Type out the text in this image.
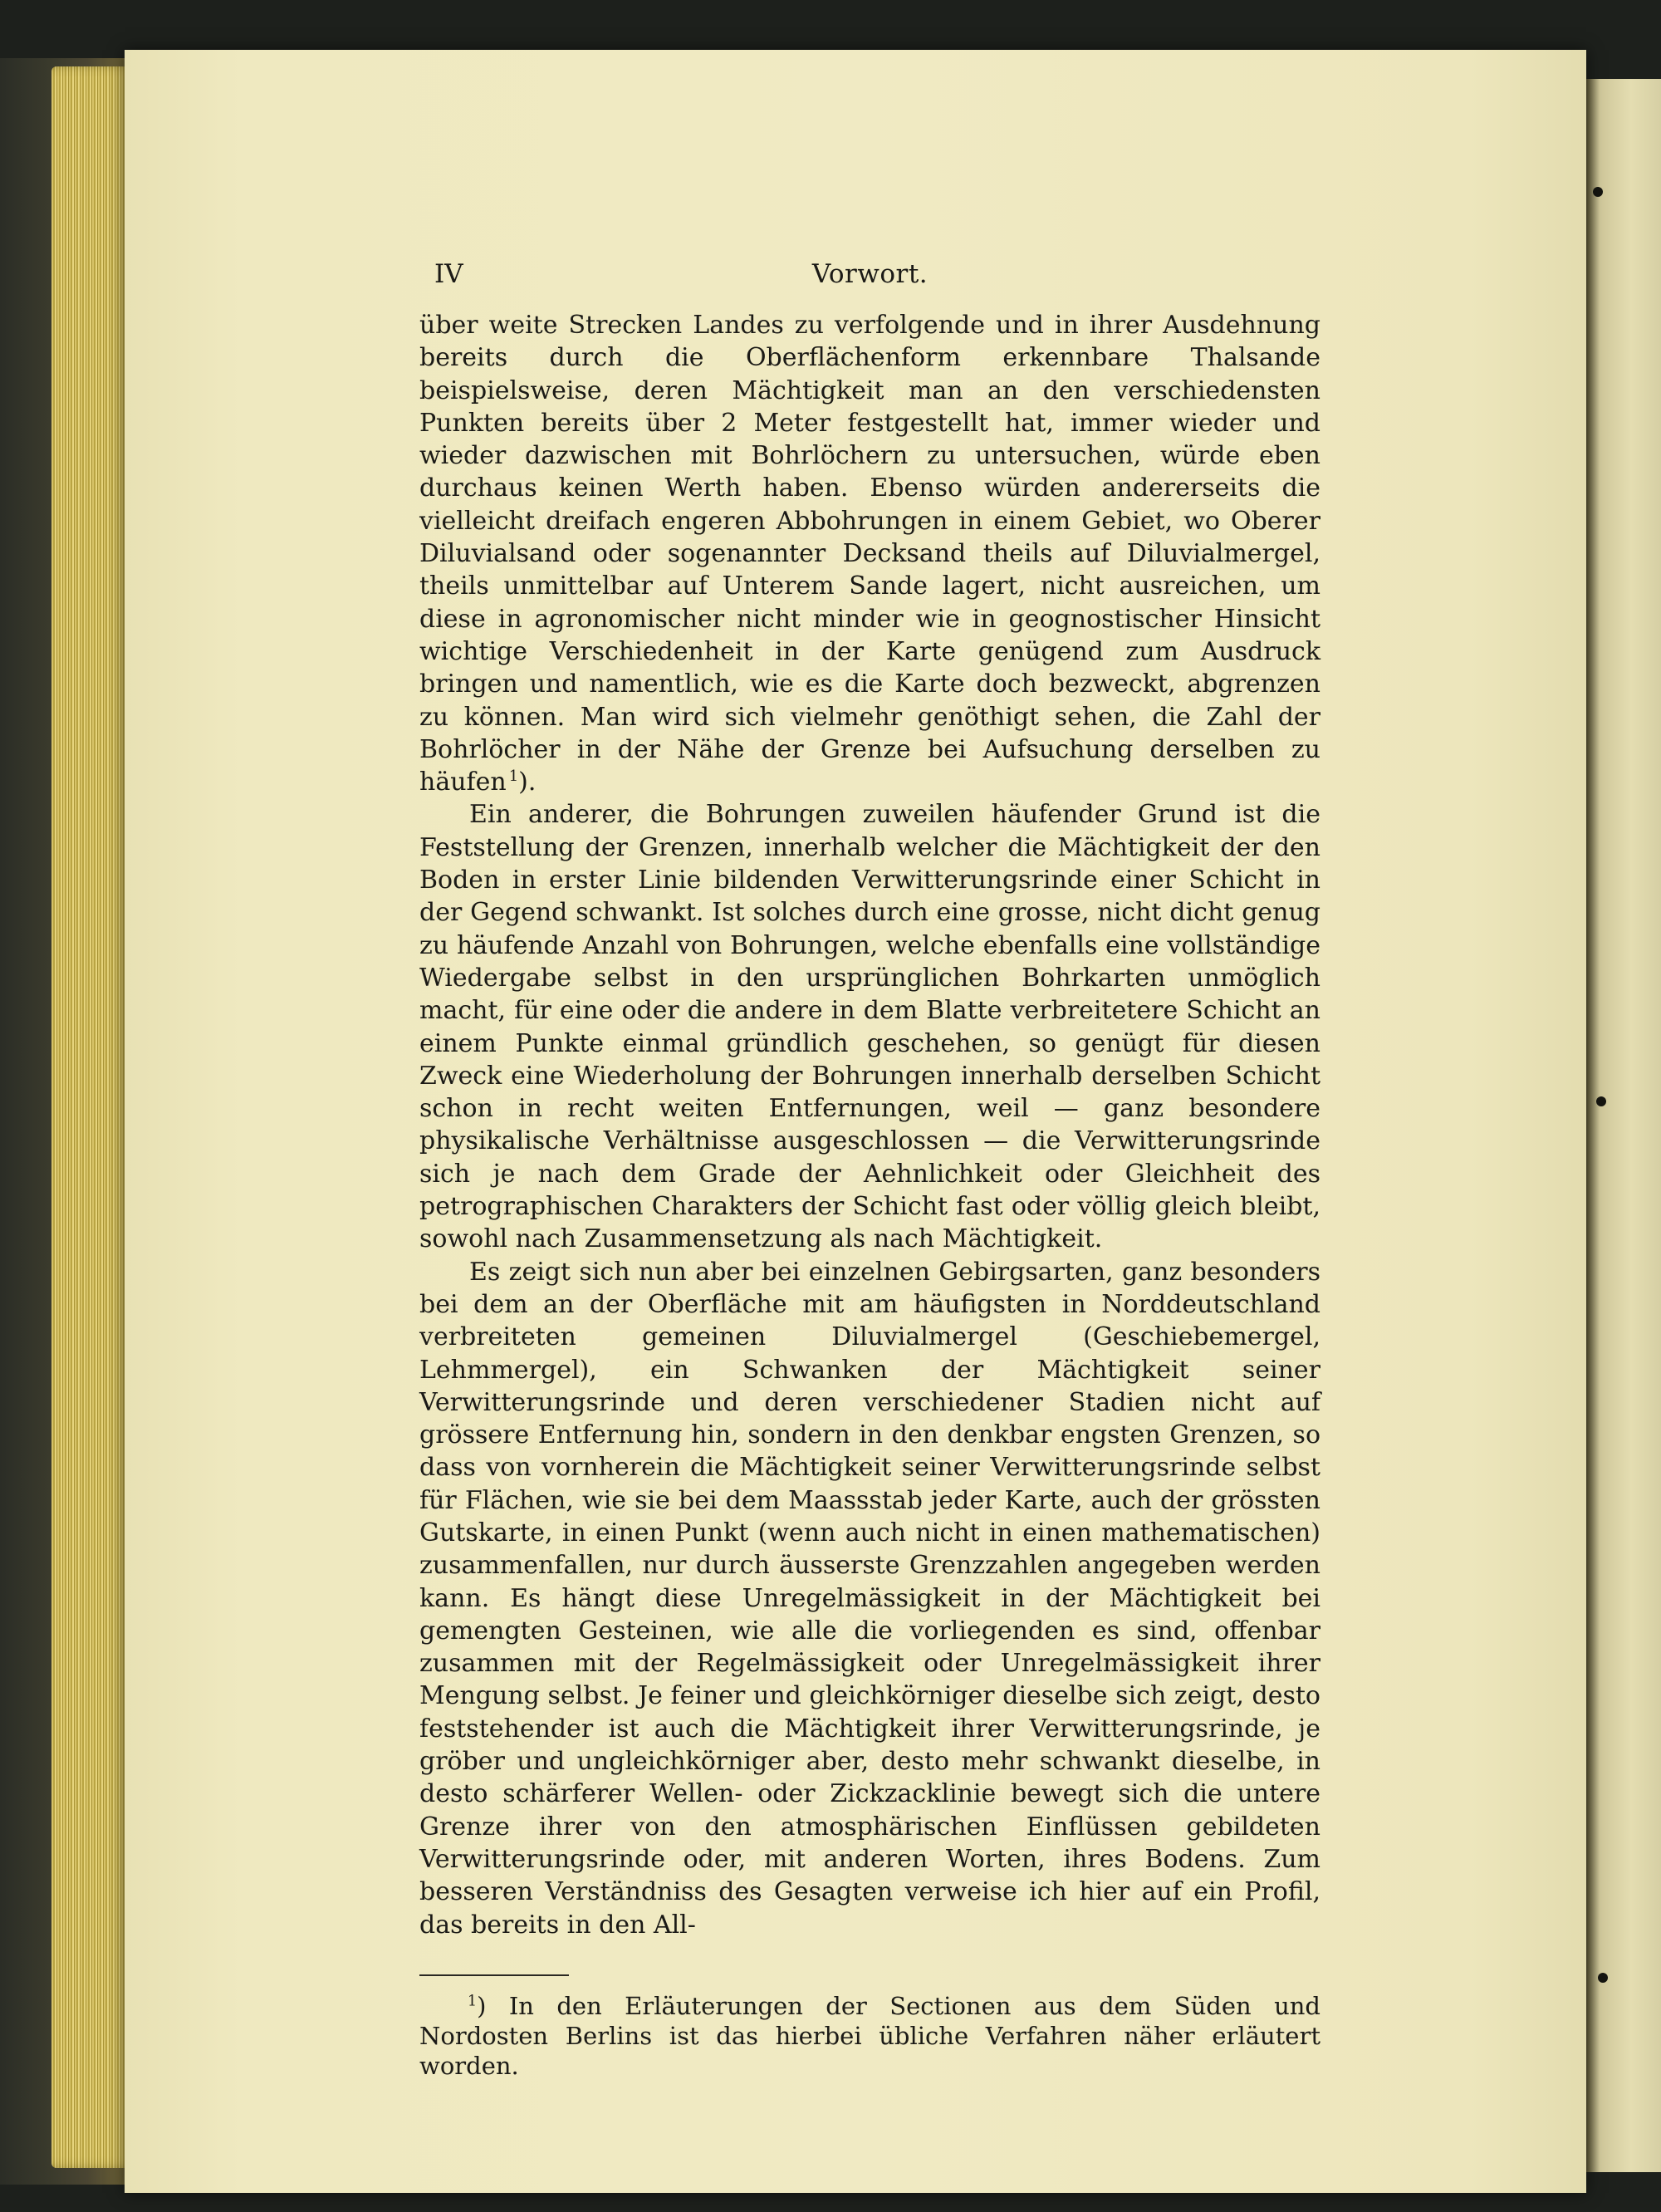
IV	Vorwort.

über weite Strecken Landes zu verfolgende und in ihrer Ausdehnung bereits durch die Oberflächenform erkennbare Thalsande beispielsweise, deren Mächtigkeit man an den verschiedensten Punkten bereits über 2 Meter festgestellt hat, immer wieder und wieder dazwischen mit Bohrlöchern zu untersuchen, würde eben durchaus keinen Werth haben. Ebenso würden andererseits die vielleicht dreifach engeren Abbohrungen in einem Gebiet, wo Oberer Diluvialsand oder sogenannter Decksand theils auf Diluvialmergel, theils unmittelbar auf Unterem Sande lagert, nicht ausreichen, um diese in agronomischer nicht minder wie in geognostischer Hinsicht wichtige Verschiedenheit in der Karte genügend zum Ausdruck bringen und namentlich, wie es die Karte doch bezweckt, abgrenzen zu können. Man wird sich vielmehr genöthigt sehen, die Zahl der Bohrlöcher in der Nähe der Grenze bei Aufsuchung derselben zu häufen  $^1$).

Ein anderer, die Bohrungen zuweilen häufender Grund ist die Feststellung der Grenzen, innerhalb welcher die Mächtigkeit der den Boden in erster Linie bildenden Verwitterungsrinde einer Schicht in der Gegend schwankt. Ist solches durch eine grosse, nicht dicht genug zu häufende Anzahl von Bohrungen, welche ebenfalls eine vollständige Wiedergabe selbst in den ursprünglichen Bohrkarten unmöglich macht, für eine oder die andere in dem Blatte verbreitetere Schicht an einem Punkte einmal gründlich geschehen, so genügt für diesen Zweck eine Wiederholung der Bohrungen innerhalb derselben Schicht schon in recht weiten Entfernungen, weil — ganz besondere physikalische Verhältnisse ausgeschlossen — die Verwitterungsrinde sich je nach dem Grade der Aehnlichkeit oder Gleichheit des petrographischen Charakters der Schicht fast oder völlig gleich bleibt, sowohl nach Zusammensetzung als nach Mächtigkeit.

Es zeigt sich nun aber bei einzelnen Gebirgsarten, ganz besonders bei dem an der Oberfläche mit am häufigsten in Norddeutschland verbreiteten gemeinen Diluvialmergel (Geschiebemergel, Lehmmergel), ein Schwanken der Mächtigkeit seiner Verwitterungsrinde und deren verschiedener Stadien nicht auf grössere Entfernung hin, sondern in den denkbar engsten Grenzen, so dass von vornherein die Mächtigkeit seiner Verwitterungsrinde selbst für Flächen, wie sie bei dem Maassstab jeder Karte, auch der grössten Gutskarte, in einen Punkt (wenn auch nicht in einen mathematischen) zusammenfallen, nur durch äusserste Grenzzahlen angegeben werden kann. Es hängt diese Unregelmässigkeit in der Mächtigkeit bei gemengten Gesteinen, wie alle die vorliegenden es sind, offenbar zusammen mit der Regelmässigkeit oder Unregelmässigkeit ihrer Mengung selbst. Je feiner und gleichkörniger dieselbe sich zeigt, desto feststehender ist auch die Mächtigkeit ihrer Verwitterungsrinde, je gröber und ungleichkörniger aber, desto mehr schwankt dieselbe, in desto schärferer Wellen- oder Zickzacklinie bewegt sich die untere Grenze ihrer von den atmosphärischen Einflüssen gebildeten Verwitterungsrinde oder, mit anderen Worten, ihres Bodens. Zum besseren Verständniss des Gesagten verweise ich hier auf ein Profil, das bereits in den All-

$^1$) In den Erläuterungen der Sectionen aus dem Süden und Nordosten Berlins ist das hierbei übliche Verfahren näher erläutert worden.
